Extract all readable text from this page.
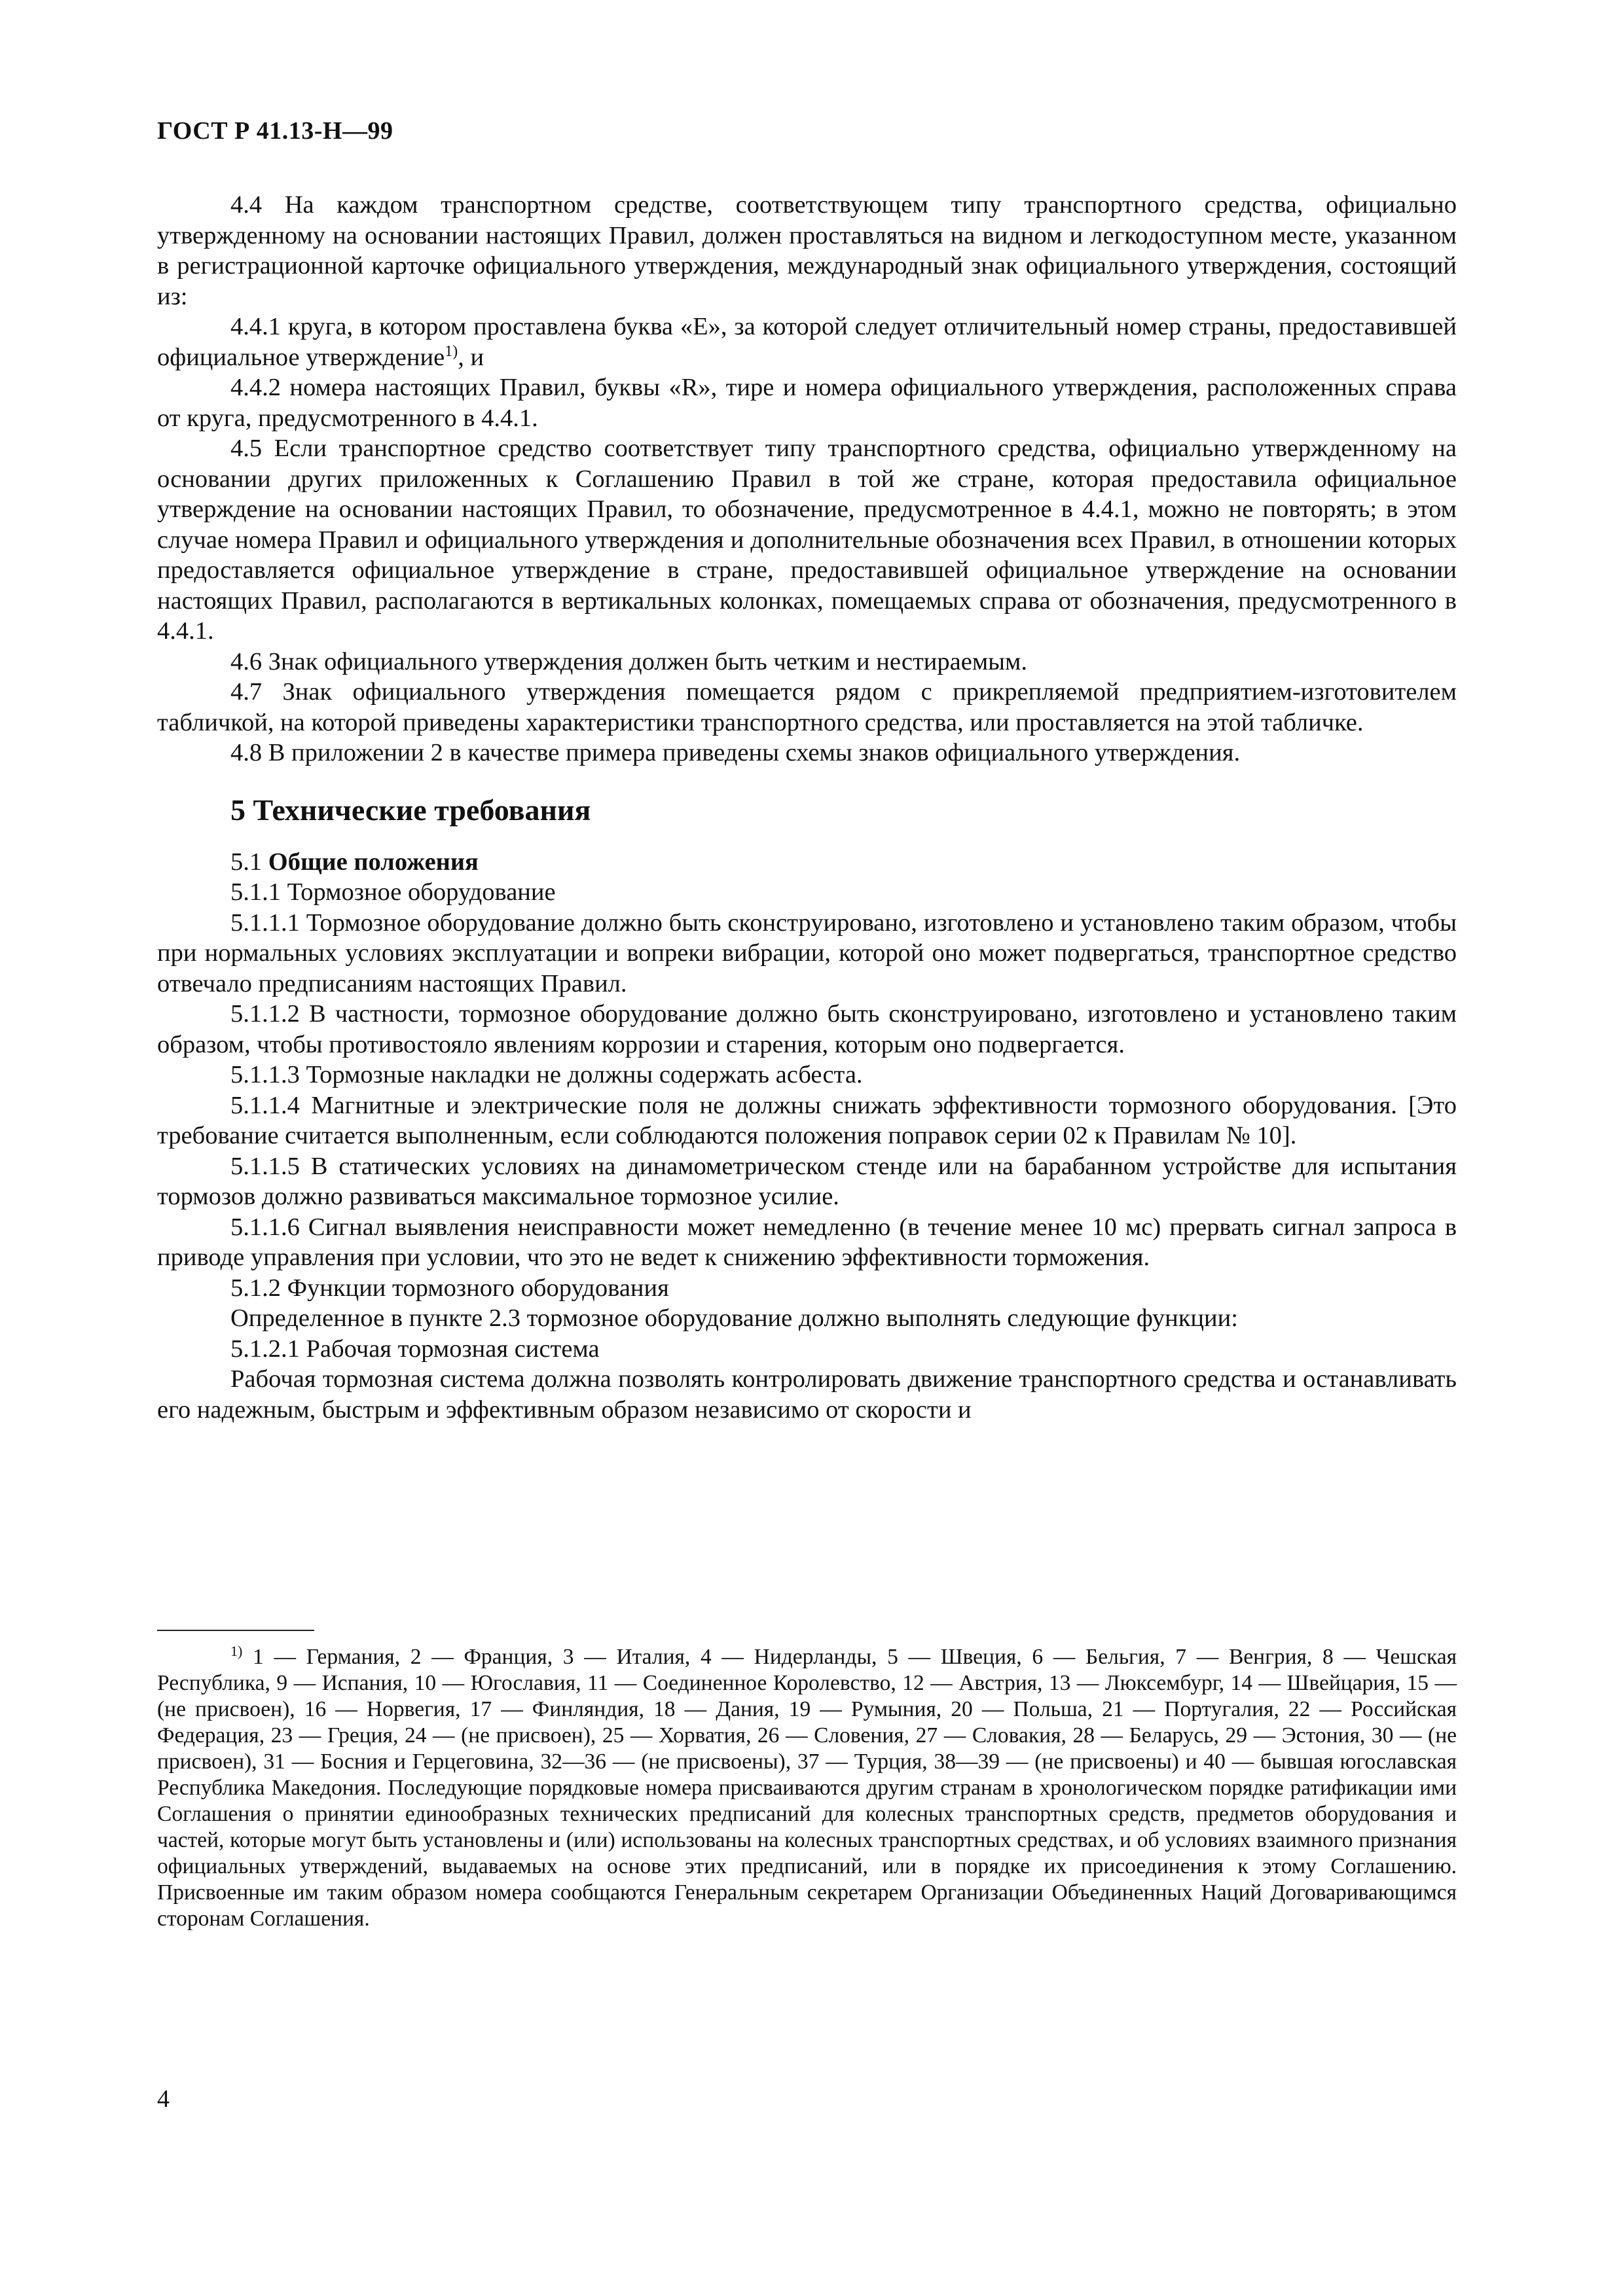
ГОСТ Р 41.13-Н—99

4.4 На каждом транспортном средстве, соответствующем типу транспортного средства, официально утвержденному на основании настоящих Правил, должен проставляться на видном и легкодоступном месте, указанном в регистрационной карточке официального утверждения, международный знак официального утверждения, состоящий из:

4.4.1 круга, в котором проставлена буква «Е», за которой следует отличительный номер страны, предоставившей официальное утверждение$^{1)}$, и

4.4.2 номера настоящих Правил, буквы «R», тире и номера официального утверждения, расположенных справа от круга, предусмотренного в 4.4.1.

4.5 Если транспортное средство соответствует типу транспортного средства, официально утвержденному на основании других приложенных к Соглашению Правил в той же стране, которая предоставила официальное утверждение на основании настоящих Правил, то обозначение, предусмотренное в 4.4.1, можно не повторять; в этом случае номера Правил и официального утверждения и дополнительные обозначения всех Правил, в отношении которых предоставляется официальное утверждение в стране, предоставившей официальное утверждение на основании настоящих Правил, располагаются в вертикальных колонках, помещаемых справа от обозначения, предусмотренного в 4.4.1.

4.6 Знак официального утверждения должен быть четким и нестираемым.

4.7 Знак официального утверждения помещается рядом с прикрепляемой предприятием-изготовителем табличкой, на которой приведены характеристики транспортного средства, или проставляется на этой табличке.

4.8 В приложении 2 в качестве примера приведены схемы знаков официального утверждения.

5 Технические требования

5.1 Общие положения

5.1.1 Тормозное оборудование

5.1.1.1 Тормозное оборудование должно быть сконструировано, изготовлено и установлено таким образом, чтобы при нормальных условиях эксплуатации и вопреки вибрации, которой оно может подвергаться, транспортное средство отвечало предписаниям настоящих Правил.

5.1.1.2 В частности, тормозное оборудование должно быть сконструировано, изготовлено и установлено таким образом, чтобы противостояло явлениям коррозии и старения, которым оно подвергается.

5.1.1.3 Тормозные накладки не должны содержать асбеста.

5.1.1.4 Магнитные и электрические поля не должны снижать эффективности тормозного оборудования. [Это требование считается выполненным, если соблюдаются положения поправок серии 02 к Правилам № 10].

5.1.1.5 В статических условиях на динамометрическом стенде или на барабанном устройстве для испытания тормозов должно развиваться максимальное тормозное усилие.

5.1.1.6 Сигнал выявления неисправности может немедленно (в течение менее 10 мс) прервать сигнал запроса в приводе управления при условии, что это не ведет к снижению эффективности торможения.

5.1.2 Функции тормозного оборудования

Определенное в пункте 2.3 тормозное оборудование должно выполнять следующие функции:

5.1.2.1 Рабочая тормозная система

Рабочая тормозная система должна позволять контролировать движение транспортного средства и останавливать его надежным, быстрым и эффективным образом независимо от скорости и

$^{1)}$ 1 — Германия, 2 — Франция, 3 — Италия, 4 — Нидерланды, 5 — Швеция, 6 — Бельгия, 7 — Венгрия, 8 — Чешская Республика, 9 — Испания, 10 — Югославия, 11 — Соединенное Королевство, 12 — Австрия, 13 — Люксембург, 14 — Швейцария, 15 — (не присвоен), 16 — Норвегия, 17 — Финляндия, 18 — Дания, 19 — Румыния, 20 — Польша, 21 — Португалия, 22 — Российская Федерация, 23 — Греция, 24 — (не присвоен), 25 — Хорватия, 26 — Словения, 27 — Словакия, 28 — Беларусь, 29 — Эстония, 30 — (не присвоен), 31 — Босния и Герцеговина, 32—36 — (не присвоены), 37 — Турция, 38—39 — (не присвоены) и 40 — бывшая югославская Республика Македония. Последующие порядковые номера присваиваются другим странам в хронологическом порядке ратификации ими Соглашения о принятии единообразных технических предписаний для колесных транспортных средств, предметов оборудования и частей, которые могут быть установлены и (или) использованы на колесных транспортных средствах, и об условиях взаимного признания официальных утверждений, выдаваемых на основе этих предписаний, или в порядке их присоединения к этому Соглашению. Присвоенные им таким образом номера сообщаются Генеральным секретарем Организации Объединенных Наций Договаривающимся сторонам Соглашения.
4
